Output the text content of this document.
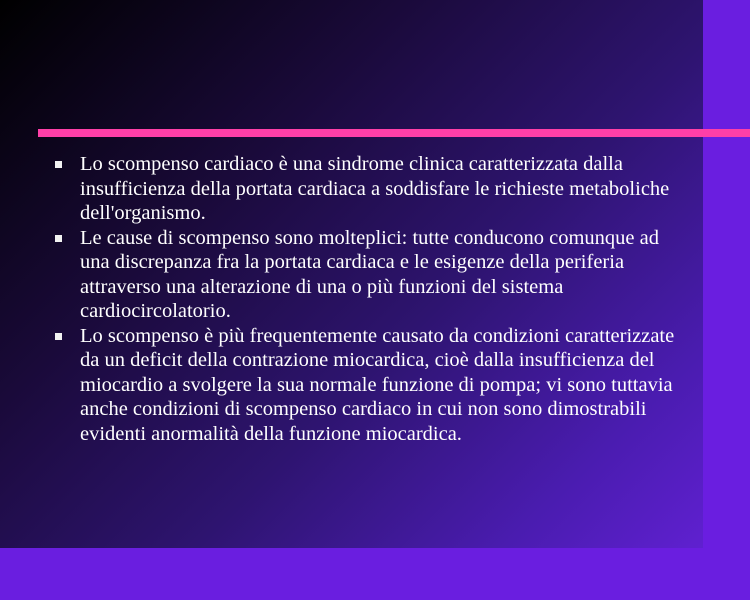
Lo scompenso cardiaco è una sindrome clinica caratterizzata dalla insufficienza della portata cardiaca a soddisfare le richieste metaboliche dell'organismo.
Le cause di scompenso sono molteplici: tutte conducono comunque ad una discrepanza fra la portata cardiaca e le esigenze della periferia attraverso una alterazione di una o più funzioni del sistema cardiocircolatorio.
Lo scompenso è più frequentemente causato da condizioni caratterizzate da un deficit della contrazione miocardica, cioè dalla insufficienza del miocardio a svolgere la sua normale funzione di pompa; vi sono tuttavia anche condizioni di scompenso cardiaco in cui non sono dimostrabili evidenti anormalità della funzione miocardica.
